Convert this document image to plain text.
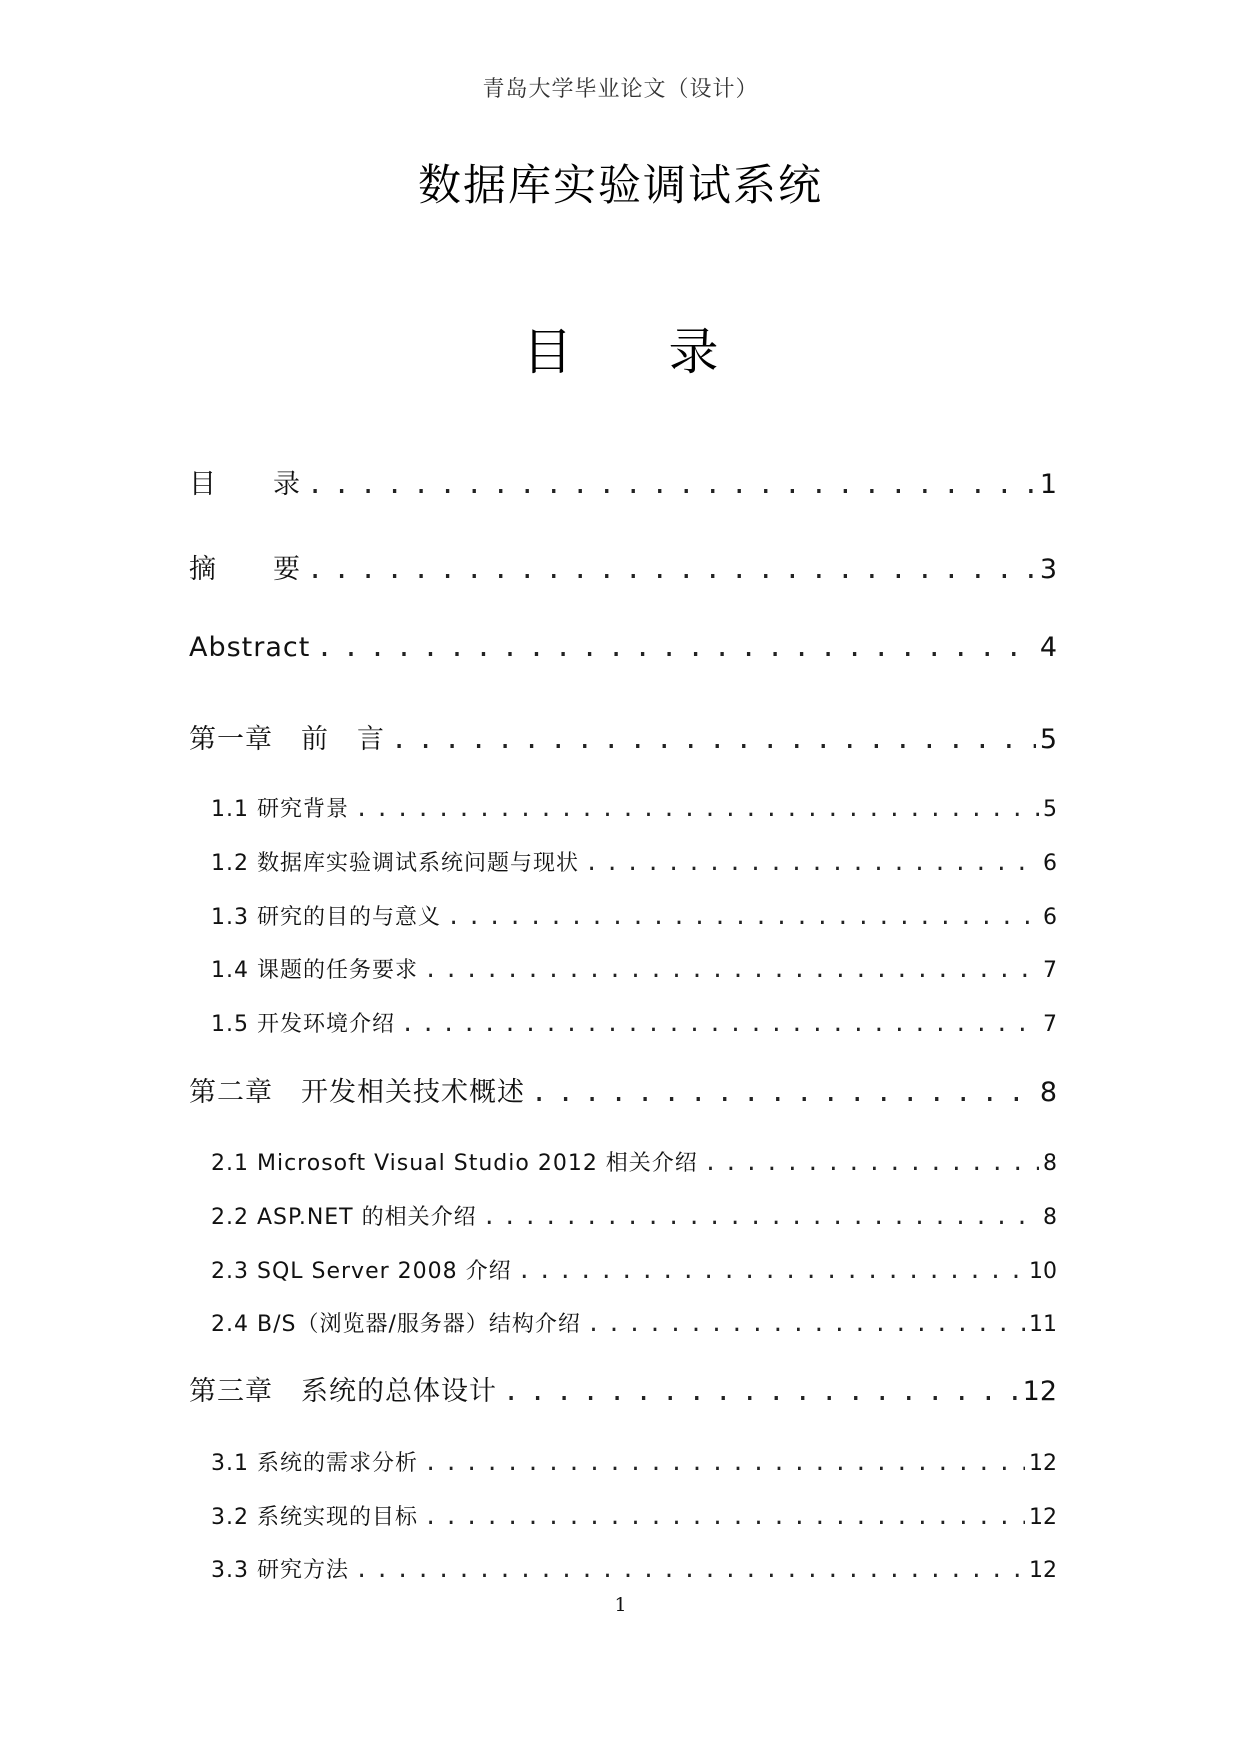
青岛大学毕业论文（设计）
数据库实验调试系统
目录
目　　录 . . .	1
摘　　要 . . .	3
Abstract . . .	4
第一章　前　言 . . .	5
1.1 研究背景 . . .	5
1.2 数据库实验调试系统问题与现状 . . .	6
1.3 研究的目的与意义 . . .	6
1.4 课题的任务要求 . . .	7
1.5 开发环境介绍 . . .	7
第二章　开发相关技术概述 . . .	8
2.1 Microsoft Visual Studio 2012 相关介绍 . . .	8
2.2 ASP.NET 的相关介绍 . . .	8
2.3 SQL Server 2008 介绍 . . .	10
2.4 B/S（浏览器/服务器）结构介绍 . . .	11
第三章　系统的总体设计 . . .	12
3.1 系统的需求分析 . . .	12
3.2 系统实现的目标 . . .	12
3.3 研究方法 . . .	12
1
